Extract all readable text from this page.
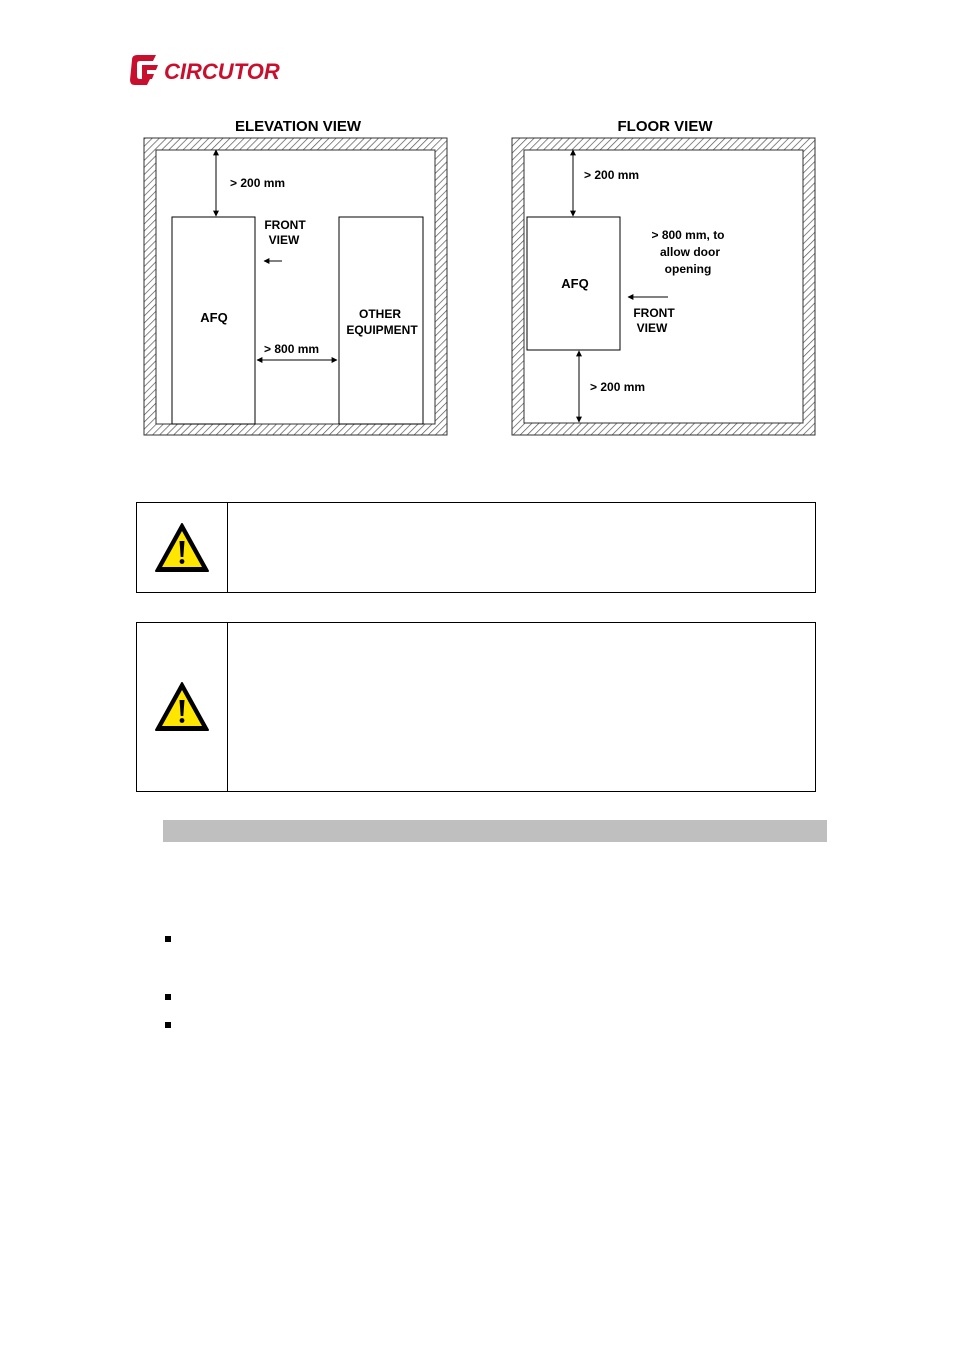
CIRCUTOR
ELEVATION VIEW
> 200 mm
AFQ
FRONT
VIEW
OTHER
EQUIPMENT
> 800 mm
FLOOR VIEW
> 200 mm
AFQ
> 800 mm, to
allow door
opening
FRONT
VIEW
> 200 mm
